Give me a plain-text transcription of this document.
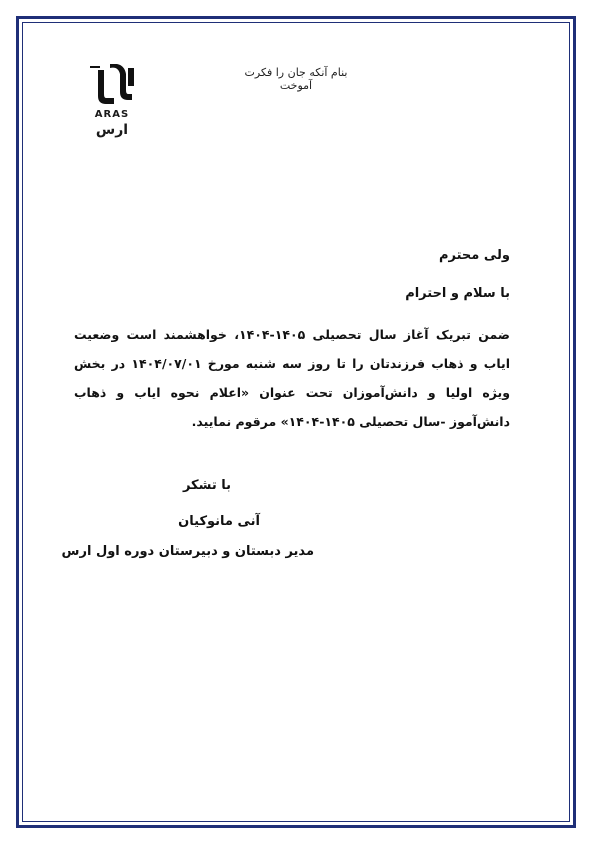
بنام آنكه جان را فكرت آموخت
ARAS
ارس
ولی محترم
با سلام و احترام
ضمن تبریک آغاز سال تحصیلی ۱۴۰۵-۱۴۰۴، خواهشمند است وضعیت ایاب و ذهاب فرزندتان را تا روز سه شنبه مورخ ۱۴۰۴/۰۷/۰۱ در بخش ویژه اولیا و دانش‌آموزان تحت عنوان «اعلام نحوه ایاب و ذهاب دانش‌آموز -سال تحصیلی ۱۴۰۵-۱۴۰۴» مرقوم نمایید.
با تشکر
آنی مانوکیان
مدیر دبستان و دبیرستان دوره اول ارس
